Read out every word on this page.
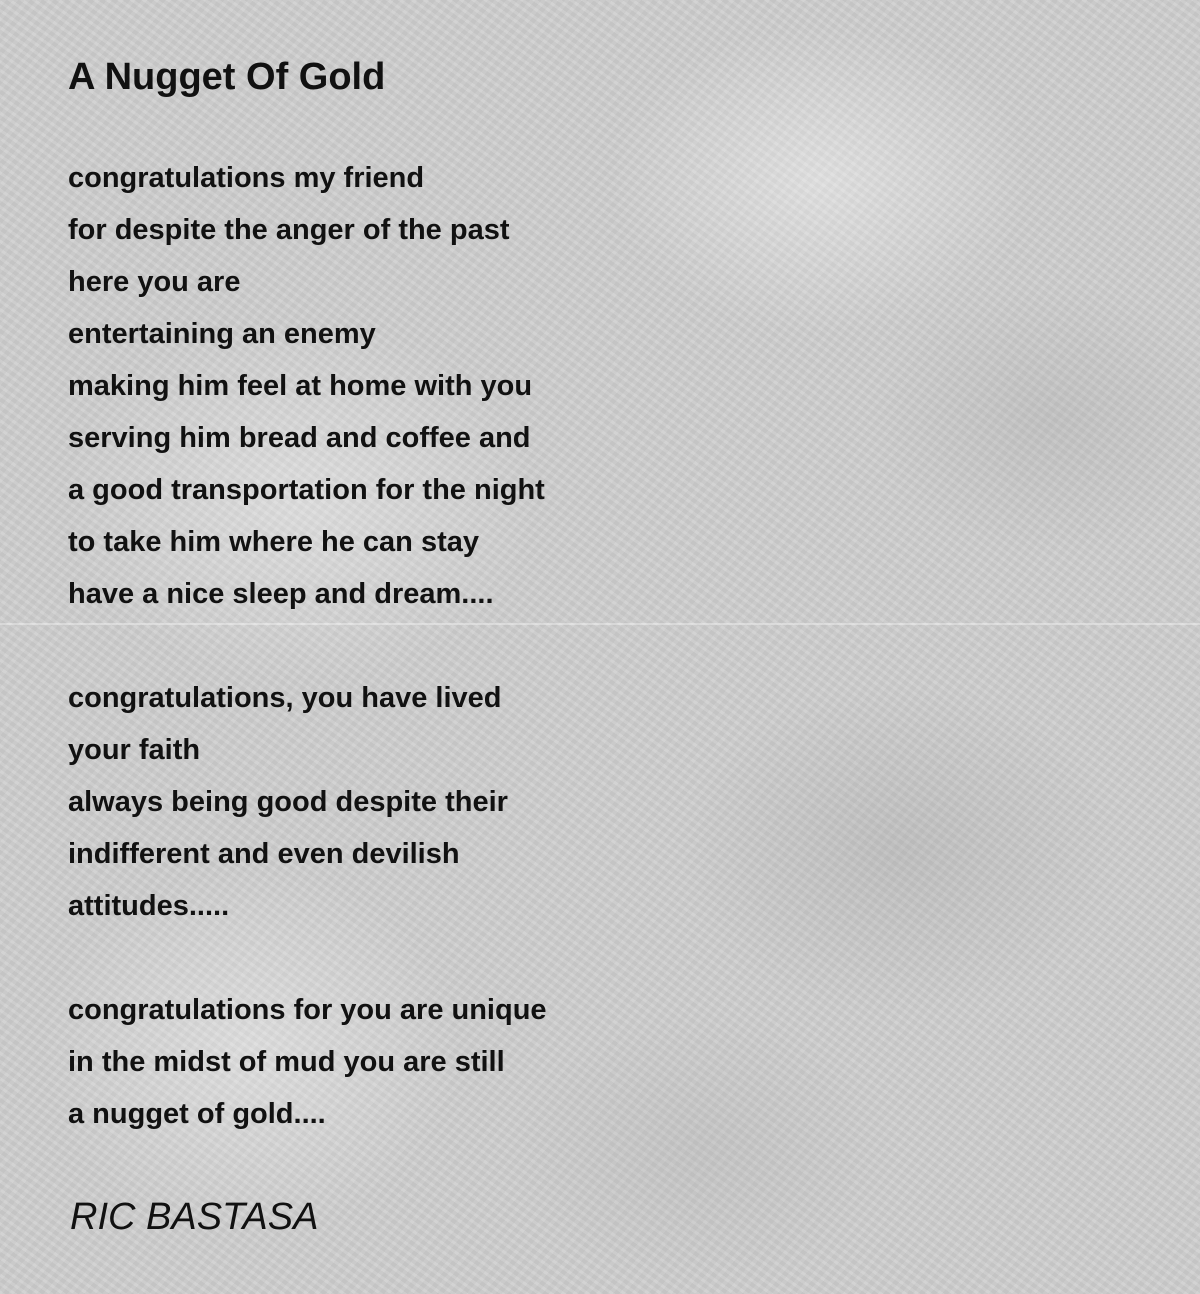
A Nugget Of Gold
congratulations my friend
for despite the anger of the past
here you are
entertaining an enemy
making him feel at home with you
serving him bread and coffee and
a good transportation for the night
to take him where he can stay
have a nice sleep and dream....
congratulations, you have lived
your faith
always being good despite their
indifferent and even devilish
attitudes.....
congratulations for you are unique
in the midst of mud you are still
a nugget of gold....
RIC BASTASA
